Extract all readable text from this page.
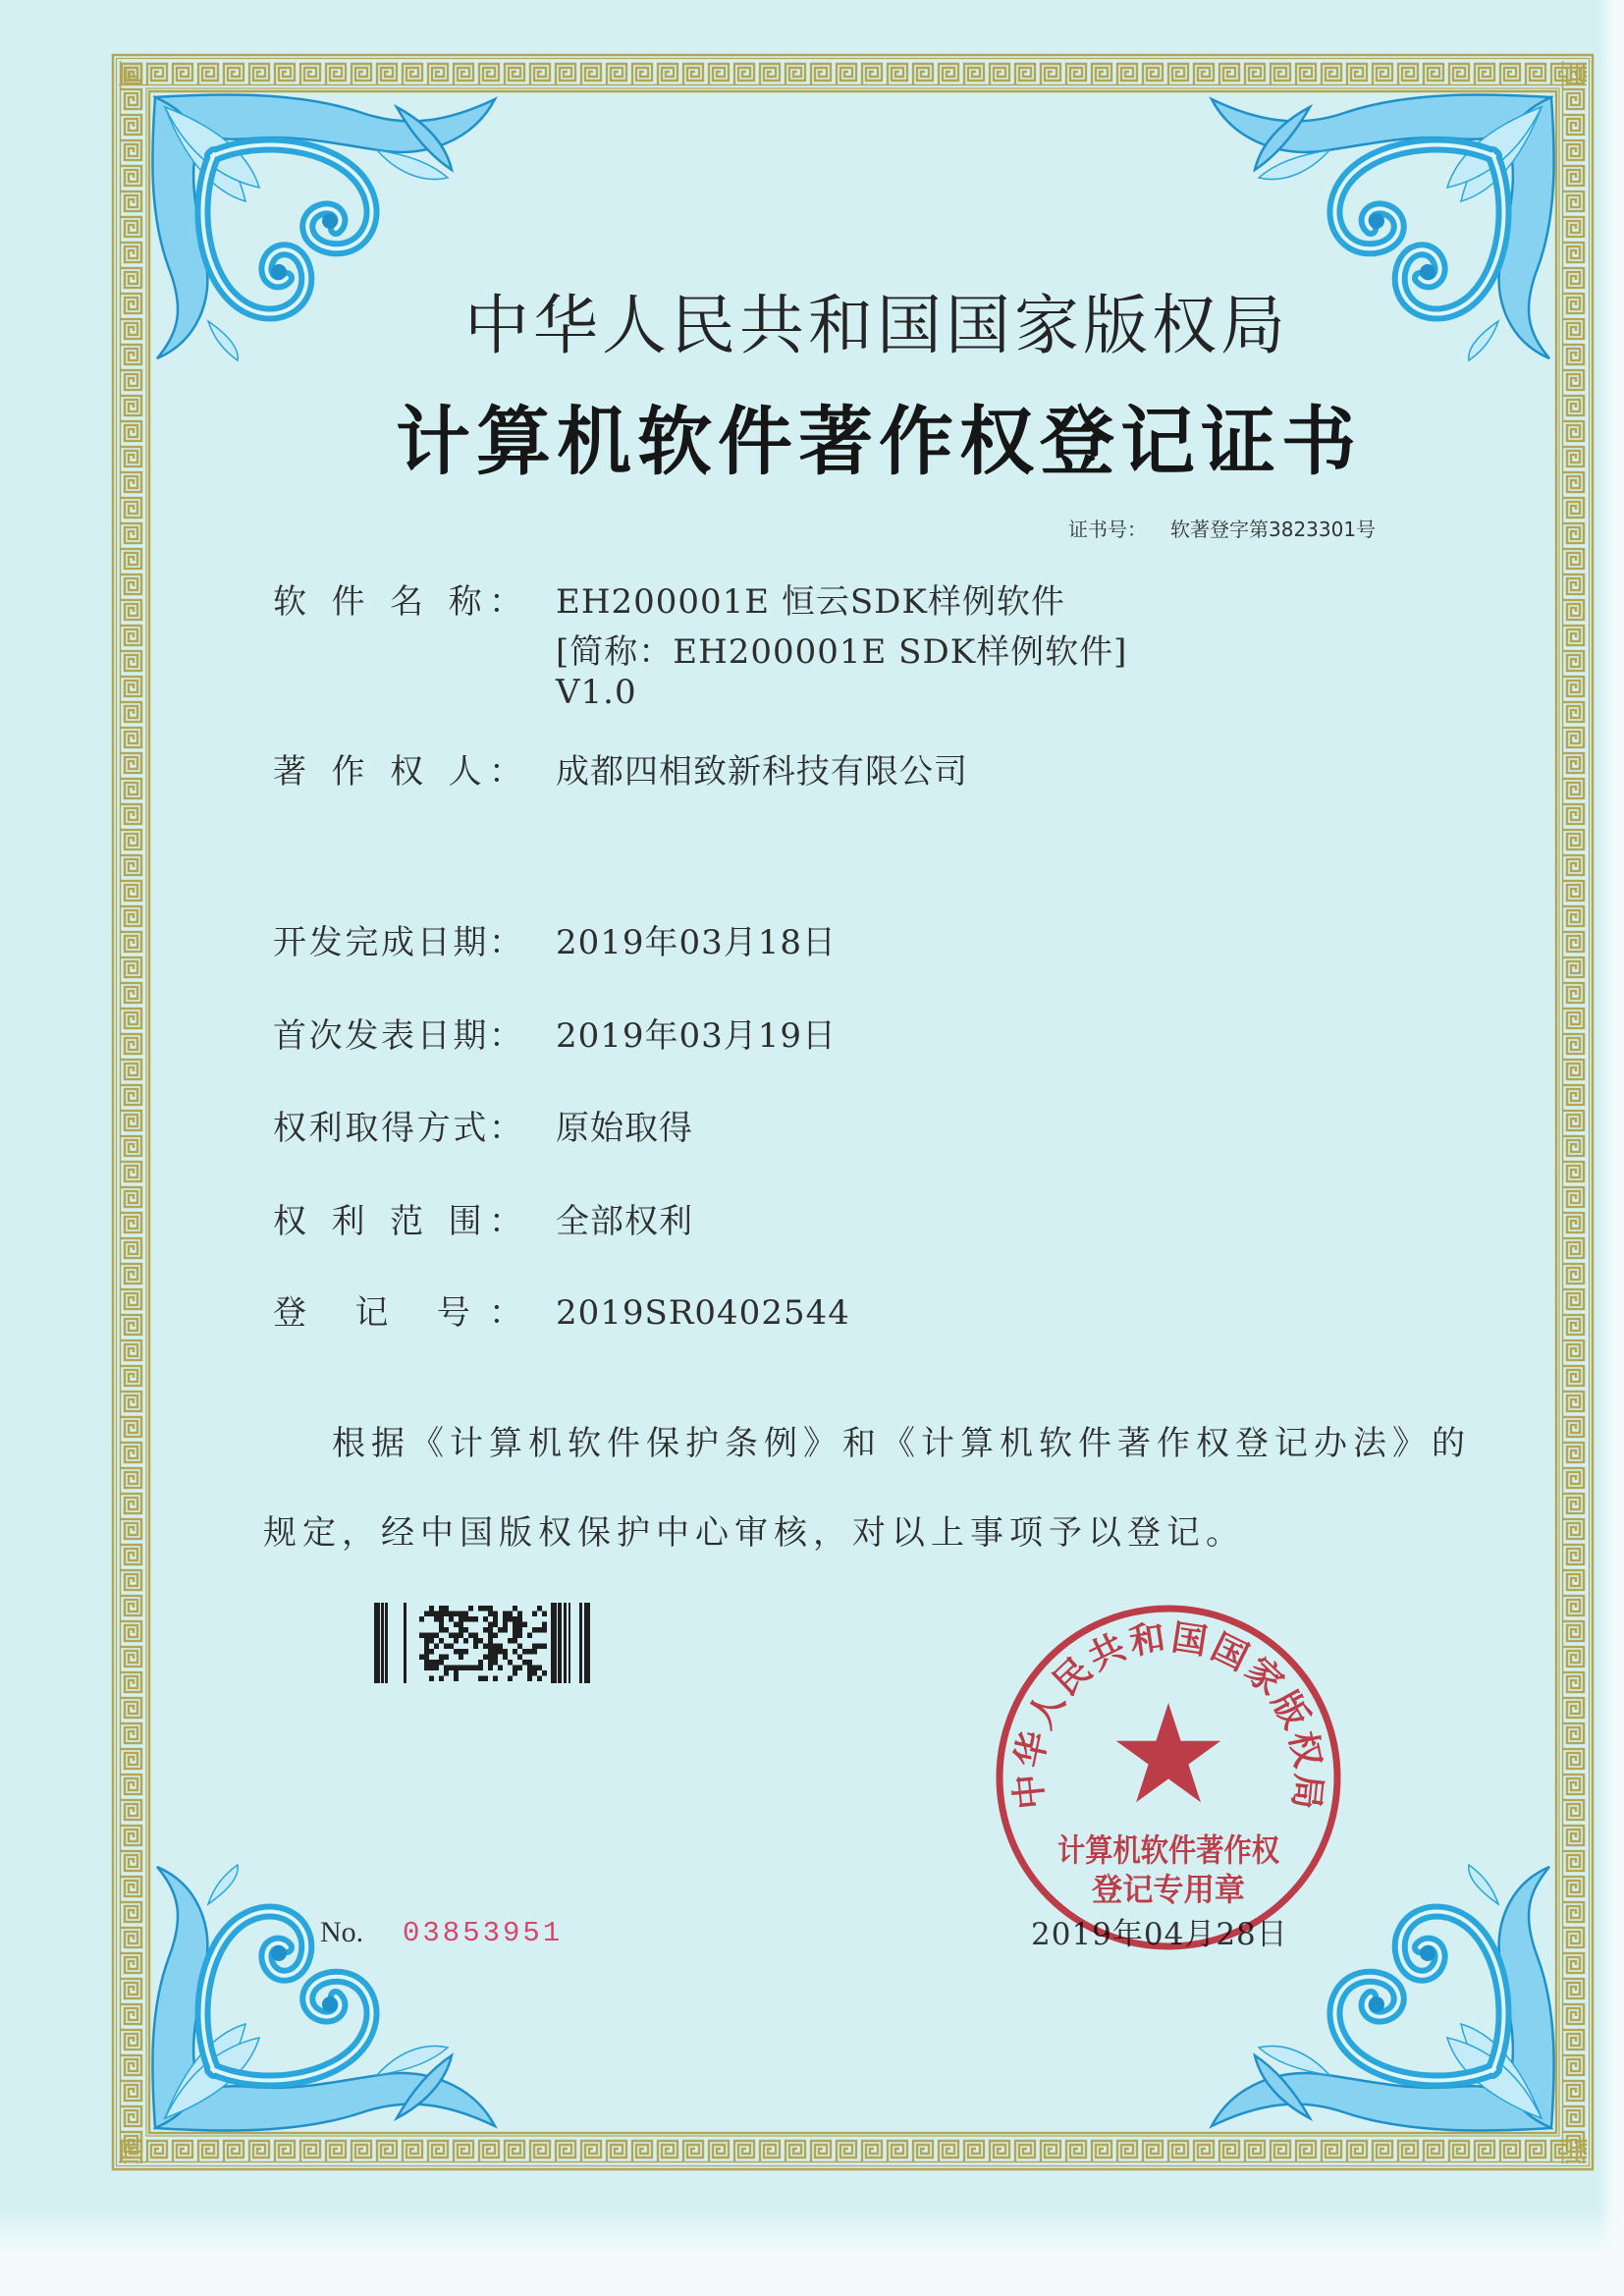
中华人民共和国国家版权局
计算机软件著作权登记证书
证书号： 软著登字第3823301号
软 件 名 称： EH200001E 恒云SDK样例软件
[简称：EH200001E SDK样例软件]
V1.0
著 作 权 人： 成都四相致新科技有限公司
开发完成日期： 2019年03月18日
首次发表日期： 2019年03月19日
权利取得方式： 原始取得
权 利 范 围： 全部权利
登 记 号： 2019SR0402544
根据《计算机软件保护条例》和《计算机软件著作权登记办法》的
规定，经中国版权保护中心审核，对以上事项予以登记。
No. 03853951	2019年04月28日
中华人民共和国国家版权局
计算机软件著作权
登记专用章
